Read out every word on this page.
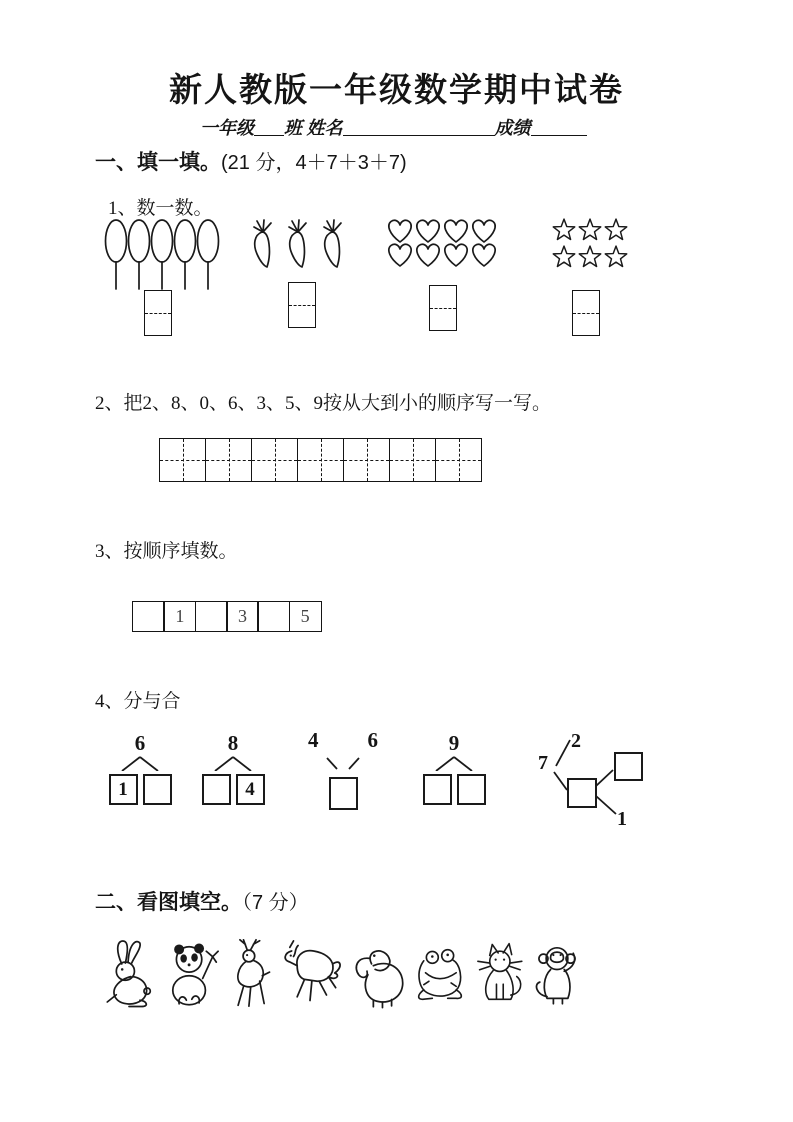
新人教版一年级数学期中试卷
一年级 班 姓名	成绩
一、填一填。(21 分，4＋7＋3＋7)
1、数一数。
2、把2、8、0、6、3、5、9按从大到小的顺序写一写。
3、按顺序填数。
1	3	5
4、分与合
6
1
8
4
4 6	9	2
7
1
二、看图填空。（7 分）
